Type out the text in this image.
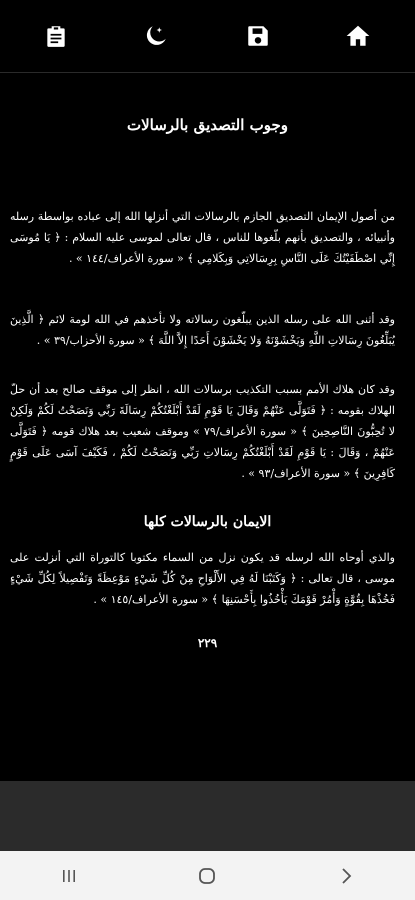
وجوب التصديق بالرسالات

من أصول الإيمان التصديق الجازم بالرسالات التي أنزلها الله إلى عباده بواسطة رسله وأنبيائه ، والتصديق بأنهم بلّغوها للناس ، قال تعالى لموسى عليه السلام : ﴿ يَا مُوسَى إِنِّي اصْطَفَيْتُكَ عَلَى النَّاسِ بِرِسَالاتِي وَبِكَلامِي ﴾ « سورة الأعراف/١٤٤ » .

وقد أثنى الله على رسله الذين يبلّغون رسالاته ولا تأخذهم في الله لومة لائم ﴿ الَّذِينَ يُبَلِّغُونَ رِسَالاتِ اللَّهِ وَيَخْشَوْنَهُ وَلا يَخْشَوْنَ أَحَدًا إِلاَّ اللَّهَ ﴾ « سورة الأحزاب/٣٩ » .

وقد كان هلاك الأمم بسبب التكذيب برسالات الله ، انظر إلى موقف صالح بعد أن حلّ الهلاك بقومه : ﴿ فَتَوَلَّى عَنْهُمْ وَقَالَ يَا قَوْمِ لَقَدْ أَبْلَغْتُكُمْ رِسَالَةَ رَبِّي وَنَصَحْتُ لَكُمْ وَلَكِنْ لا تُحِبُّونَ النَّاصِحِينَ ﴾ « سورة الأعراف/٧٩ » وموقف شعيب بعد هلاك قومه ﴿ فَتَوَلَّى عَنْهُمْ ، وَقَالَ : يَا قَوْمِ لَقَدْ أَبْلَغْتُكُمْ رِسَالاتِ رَبِّي وَنَصَحْتُ لَكُمْ ، فَكَيْفَ آسَى عَلَى قَوْمٍ كَافِرِينَ ﴾ « سورة الأعراف/٩٣ » .

الايمان بالرسالات كلها

والذي أوحاه الله لرسله قد يكون نزل من السماء مكتوبا كالتوراة التي أنزلت على موسى ، قال تعالى : ﴿ وَكَتَبْنَا لَهُ فِي الأَلْوَاحِ مِنْ كُلِّ شَيْءٍ مَوْعِظَةً وَتَفْصِيلاً لِكُلِّ شَيْءٍ فَخُذْهَا بِقُوَّةٍ وَأْمُرْ قَوْمَكَ يَأْخُذُوا بِأَحْسَنِهَا ﴾ « سورة الأعراف/١٤٥ » .

٢٢٩
